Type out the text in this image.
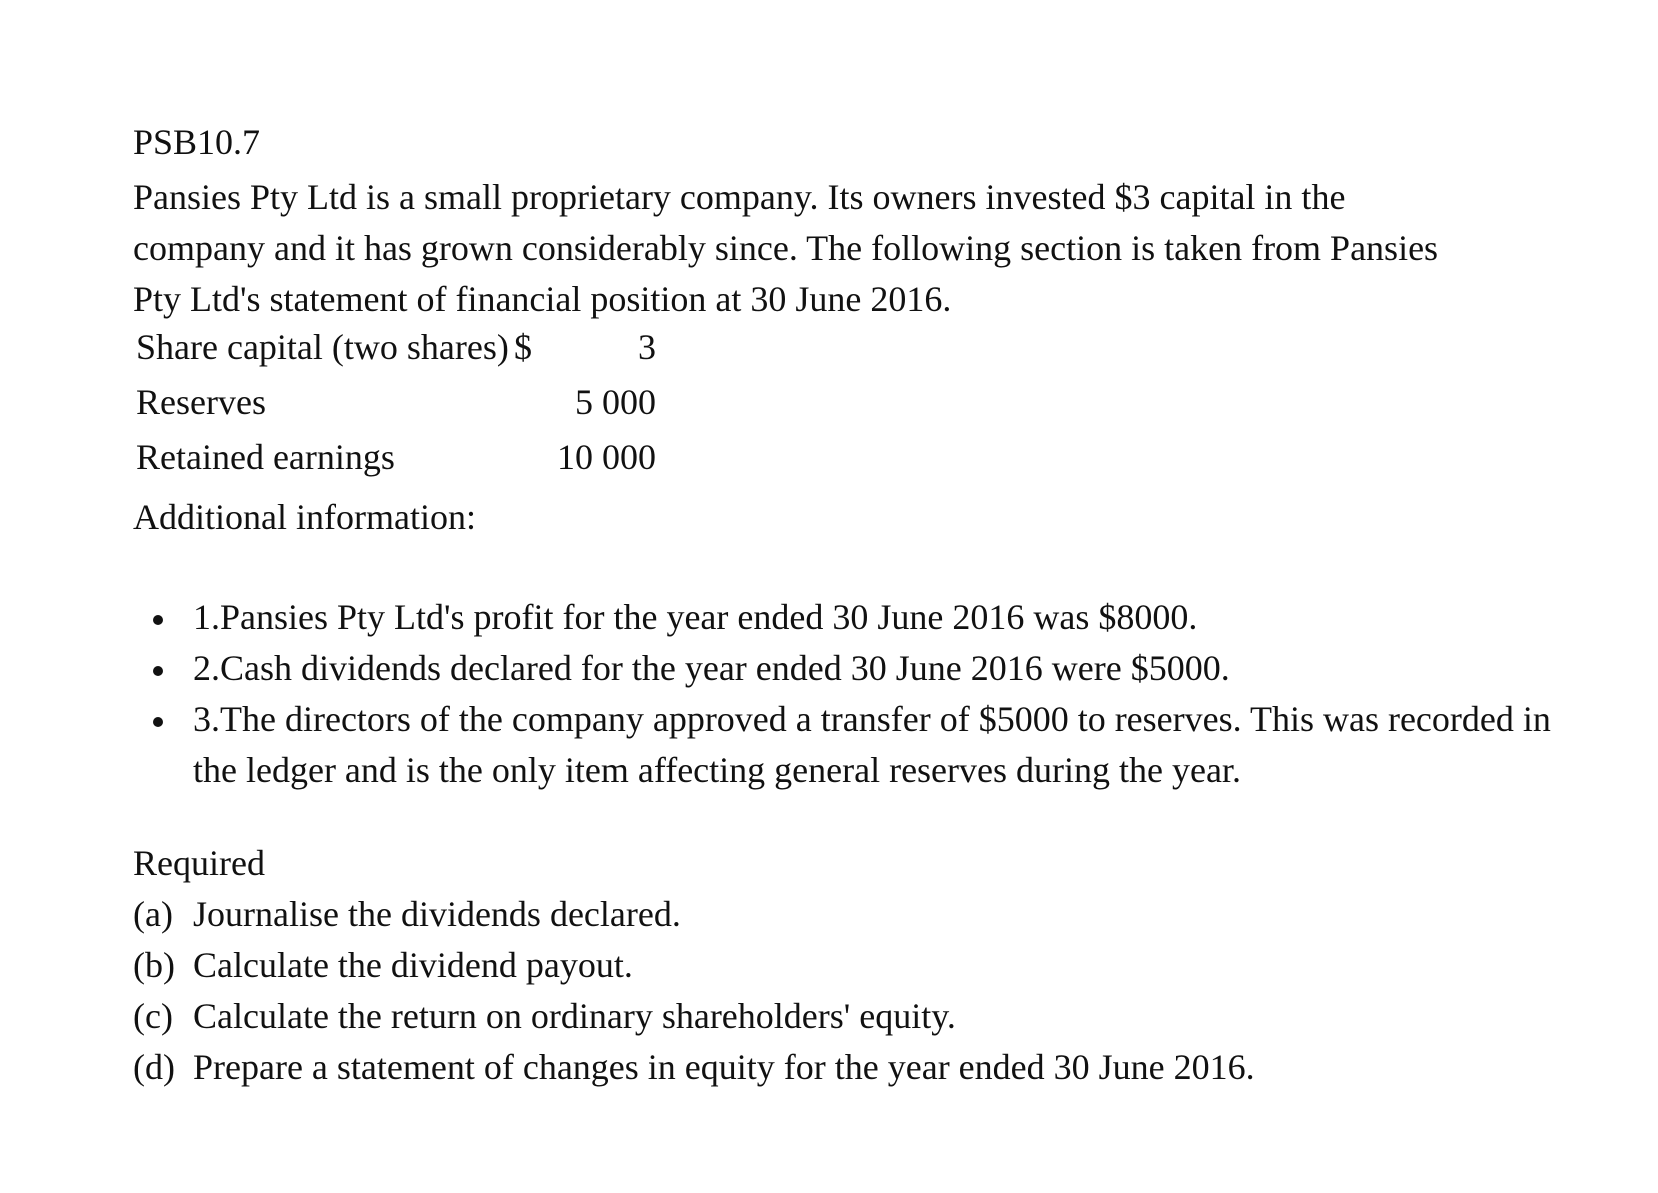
PSB10.7

Pansies Pty Ltd is a small proprietary company. Its owners invested $3 capital in the

company and it has grown considerably since. The following section is taken from Pansies

Pty Ltd's statement of financial position at 30 June 2016.

Share capital (two shares) $	3
Reserves	5 000
Retained earnings	10 000
Additional information:
1.Pansies Pty Ltd's profit for the year ended 30 June 2016 was $8000.
2.Cash dividends declared for the year ended 30 June 2016 were $5000.
3.The directors of the company approved a transfer of $5000 to reserves. This was recorded in the ledger and is the only item affecting general reserves during the year.
Required
(a) Journalise the dividends declared.
(b) Calculate the dividend payout.
(c) Calculate the return on ordinary shareholders' equity.
(d) Prepare a statement of changes in equity for the year ended 30 June 2016.
